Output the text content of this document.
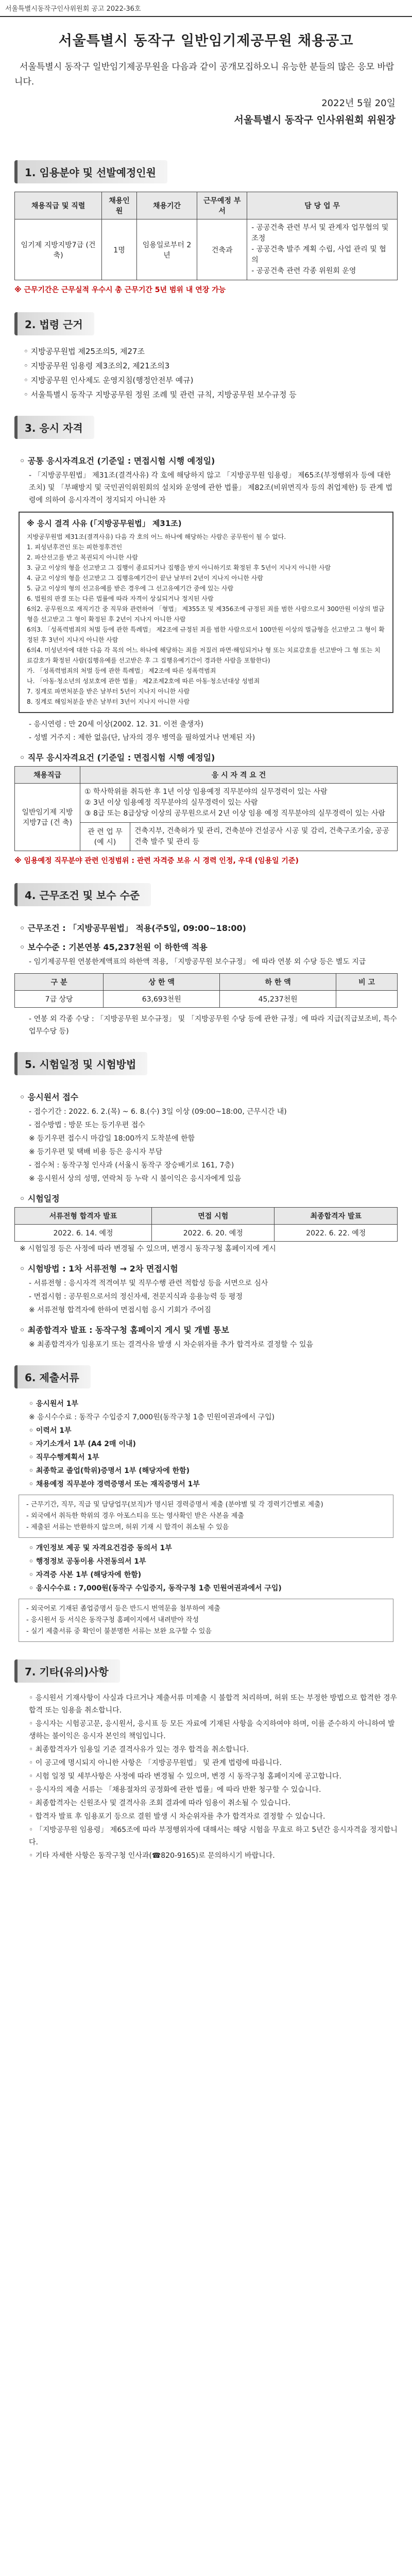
서울특별시동작구인사위원회 공고 2022-36호
서울특별시 동작구 일반임기제공무원 채용공고

서울특별시 동작구 일반임기제공무원을 다음과 같이 공개모집하오니 유능한 분들의 많은 응모 바랍니다.

2022년 5월 20일
서울특별시 동작구 인사위원회 위원장
1. 임용분야 및 선발예정인원
채용직급 및 직렬	채용인원	채용기간	근무예정 부서	담 당 업 무
임기제 지방지방7급 (건축)	1명	임용일로부터 2년	건축과	- 공공건축 관련 부서 및 관계자 업무협의 및 조정
- 공공건축 발주 계획 수립, 사업 관리 및 협의
- 공공건축 관련 각종 위원회 운영
※ 근무기간은 근무실적 우수시 총 근무기간 5년 범위 내 연장 가능
2. 법령 근거
◦ 지방공무원법 제25조의5, 제27조
◦ 지방공무원 임용령 제3조의2, 제21조의3
◦ 지방공무원 인사제도 운영지침(행정안전부 예규)
◦ 서울특별시 동작구 지방공무원 정원 조례 및 관련 규칙, 지방공무원 보수규정 등
3. 응시 자격
◦ 공통 응시자격요건 (기준일 : 면접시험 시행 예정일)
- 「지방공무원법」 제31조(결격사유) 각 호에 해당하지 않고 「지방공무원 임용령」 제65조(부정행위자 등에 대한 조치) 및 「부패방지 및 국민권익위원회의 설치와 운영에 관한 법률」 제82조(비위면직자 등의 취업제한) 등 관계 법령에 의하여 응시자격이 정지되지 아니한 자
※ 응시 결격 사유 (「지방공무원법」 제31조)

지방공무원법 제31조(결격사유) 다음 각 호의 어느 하나에 해당하는 사람은 공무원이 될 수 없다.

1. 피성년후견인 또는 피한정후견인

2. 파산선고를 받고 복권되지 아니한 사람

3. 금고 이상의 형을 선고받고 그 집행이 종료되거나 집행을 받지 아니하기로 확정된 후 5년이 지나지 아니한 사람

4. 금고 이상의 형을 선고받고 그 집행유예기간이 끝난 날부터 2년이 지나지 아니한 사람

5. 금고 이상의 형의 선고유예를 받은 경우에 그 선고유예기간 중에 있는 사람

6. 법원의 판결 또는 다른 법률에 따라 자격이 상실되거나 정지된 사람

6의2. 공무원으로 재직기간 중 직무와 관련하여 「형법」 제355조 및 제356조에 규정된 죄를 범한 사람으로서 300만원 이상의 벌금형을 선고받고 그 형이 확정된 후 2년이 지나지 아니한 사람

6의3. 「성폭력범죄의 처벌 등에 관한 특례법」 제2조에 규정된 죄를 범한 사람으로서 100만원 이상의 벌금형을 선고받고 그 형이 확정된 후 3년이 지나지 아니한 사람

6의4. 미성년자에 대한 다음 각 목의 어느 하나에 해당하는 죄를 저질러 파면·해임되거나 형 또는 치료감호를 선고받아 그 형 또는 치료감호가 확정된 사람(집행유예를 선고받은 후 그 집행유예기간이 경과한 사람을 포함한다)

가. 「성폭력범죄의 처벌 등에 관한 특례법」 제2조에 따른 성폭력범죄

나. 「아동·청소년의 성보호에 관한 법률」 제2조제2호에 따른 아동·청소년대상 성범죄

7. 징계로 파면처분을 받은 날부터 5년이 지나지 아니한 사람

8. 징계로 해임처분을 받은 날부터 3년이 지나지 아니한 사람

- 응시연령 : 만 20세 이상(2002. 12. 31. 이전 출생자)
- 성별 거주지 : 제한 없음(단, 남자의 경우 병역을 필하였거나 면제된 자)
◦ 직무 응시자격요건 (기준일 : 면접시험 시행 예정일)
채용직급	응 시 자 격 요 건	
일반임기제 지방지방7급 (건 축)	① 학사학위를 취득한 후 1년 이상 임용예정 직무분야의 실무경력이 있는 사람
② 3년 이상 임용예정 직무분야의 실무경력이 있는 사람
③ 8급 또는 8급상당 이상의 공무원으로서 2년 이상 임용 예정 직무분야의 실무경력이 있는 사람	
	관 련 업 무 (예 시)	건축지부, 건축허가 및 관리, 건축분야 건설공사 시공 및 감리, 건축구조기술, 공공건축 발주 및 관리 등
※ 임용예정 직무분야 관련 인정범위 : 관련 자격증 보유 시 경력 인정, 우대 (임용일 기준)
4. 근무조건 및 보수 수준
◦ 근무조건 : 「지방공무원법」 적용(주5일, 09:00~18:00)
◦ 보수수준 : 기본연봉 45,237천원 이 하한액 적용
- 임기제공무원 연봉한계액표의 하한액 적용, 「지방공무원 보수규정」 에 따라 연봉 외 수당 등은 별도 지급
구 분	상 한 액	하 한 액	비 고
7급 상당	63,693천원	45,237천원	
- 연봉 외 각종 수당 : 「지방공무원 보수규정」 및 「지방공무원 수당 등에 관한 규정」에 따라 지급(직급보조비, 특수업무수당 등)
5. 시험일정 및 시험방법
◦ 응시원서 접수
- 접수기간 : 2022. 6. 2.(목) ~ 6. 8.(수) 3일 이상 (09:00~18:00, 근무시간 내)
- 접수방법 : 방문 또는 등기우편 접수
※ 등기우편 접수시 마감일 18:00까지 도착분에 한함
※ 등기우편 및 택배 비용 등은 응시자 부담
- 접수처 : 동작구청 인사과 (서울시 동작구 장승배기로 161, 7층)
※ 응시원서 상의 성명, 연락처 등 누락 시 불이익은 응시자에게 있음
◦ 시험일정
서류전형 합격자 발표	면접 시험	최종합격자 발표
2022. 6. 14. 예정	2022. 6. 20. 예정	2022. 6. 22. 예정
※ 시험일정 등은 사정에 따라 변경될 수 있으며, 변경시 동작구청 홈페이지에 게시
◦ 시험방법 : 1차 서류전형 → 2차 면접시험
- 서류전형 : 응시자격 적격여부 및 직무수행 관련 적합성 등을 서면으로 심사
- 면접시험 : 공무원으로서의 정신자세, 전문지식과 응용능력 등 평정
※ 서류전형 합격자에 한하여 면접시험 응시 기회가 주어짐
◦ 최종합격자 발표 : 동작구청 홈페이지 게시 및 개별 통보
※ 최종합격자가 임용포기 또는 결격사유 발생 시 차순위자를 추가 합격자로 결정할 수 있음
6. 제출서류
◦ 응시원서 1부
※ 응시수수료 : 동작구 수입증지 7,000원(동작구청 1층 민원여권과에서 구입)
◦ 이력서 1부
◦ 자기소개서 1부 (A4 2매 이내)
◦ 직무수행계획서 1부
◦ 최종학교 졸업(학위)증명서 1부 (해당자에 한함)
◦ 채용예정 직무분야 경력증명서 또는 재직증명서 1부
- 근무기간, 직무, 직급 및 담당업무(보직)가 명시된 경력증명서 제출 (분야별 및 각 경력기간별로 제출)
- 외국에서 취득한 학위의 경우 아포스티유 또는 영사확인 받은 사본을 제출
- 제출된 서류는 반환하지 않으며, 허위 기재 시 합격이 취소될 수 있음
◦ 개인정보 제공 및 자격요건검증 동의서 1부
◦ 행정정보 공동이용 사전동의서 1부
◦ 자격증 사본 1부 (해당자에 한함)
◦ 응시수수료 : 7,000원(동작구 수입증지, 동작구청 1층 민원여권과에서 구입)
- 외국어로 기재된 졸업증명서 등은 반드시 번역문을 첨부하여 제출
- 응시원서 등 서식은 동작구청 홈페이지에서 내려받아 작성
- 실기 제출서류 중 확인이 불분명한 서류는 보완 요구할 수 있음
7. 기타(유의)사항
◦ 응시원서 기재사항이 사실과 다르거나 제출서류 미제출 시 불합격 처리하며, 허위 또는 부정한 방법으로 합격한 경우 합격 또는 임용을 취소합니다.
◦ 응시자는 시험공고문, 응시원서, 응시표 등 모든 자료에 기재된 사항을 숙지하여야 하며, 이를 준수하지 아니하여 발생하는 불이익은 응시자 본인의 책임입니다.
◦ 최종합격자가 임용일 기준 결격사유가 있는 경우 합격을 취소합니다.
◦ 이 공고에 명시되지 아니한 사항은 「지방공무원법」 및 관계 법령에 따릅니다.
◦ 시험 일정 및 세부사항은 사정에 따라 변경될 수 있으며, 변경 시 동작구청 홈페이지에 공고합니다.
◦ 응시자의 제출 서류는 「채용절차의 공정화에 관한 법률」에 따라 반환 청구할 수 있습니다.
◦ 최종합격자는 신원조사 및 결격사유 조회 결과에 따라 임용이 취소될 수 있습니다.
◦ 합격자 발표 후 임용포기 등으로 결원 발생 시 차순위자를 추가 합격자로 결정할 수 있습니다.
◦ 「지방공무원 임용령」 제65조에 따라 부정행위자에 대해서는 해당 시험을 무효로 하고 5년간 응시자격을 정지합니다.
◦ 기타 자세한 사항은 동작구청 인사과(☎820-9165)로 문의하시기 바랍니다.
